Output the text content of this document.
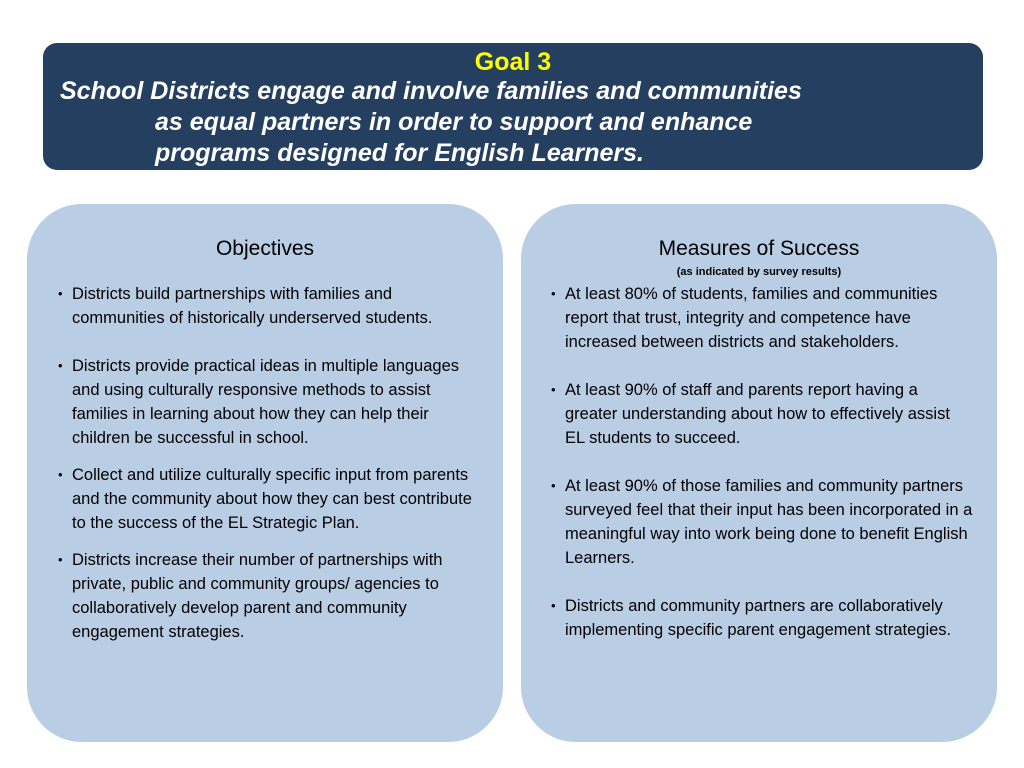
Goal 3

School Districts engage and involve families and communities
as equal partners in order to support and enhance
programs designed for English Learners.

Objectives
• Districts build partnerships with families and communities of historically underserved students.
• Districts provide practical ideas in multiple languages and using culturally responsive methods to assist families in learning about how they can help their children be successful in school.
• Collect and utilize culturally specific input from parents and the community about how they can best contribute to the success of the EL Strategic Plan.
• Districts increase their number of partnerships with private, public and community groups/ agencies to collaboratively develop parent and community engagement strategies.
Measures of Success
(as indicated by survey results)
• At least 80% of students, families and communities report that trust, integrity and competence have increased between districts and stakeholders.
• At least 90% of staff and parents report having a greater understanding about how to effectively assist EL students to succeed.
• At least 90% of those families and community partners surveyed feel that their input has been incorporated in a meaningful way into work being done to benefit English Learners.
• Districts and community partners are collaboratively implementing specific parent engagement strategies.
